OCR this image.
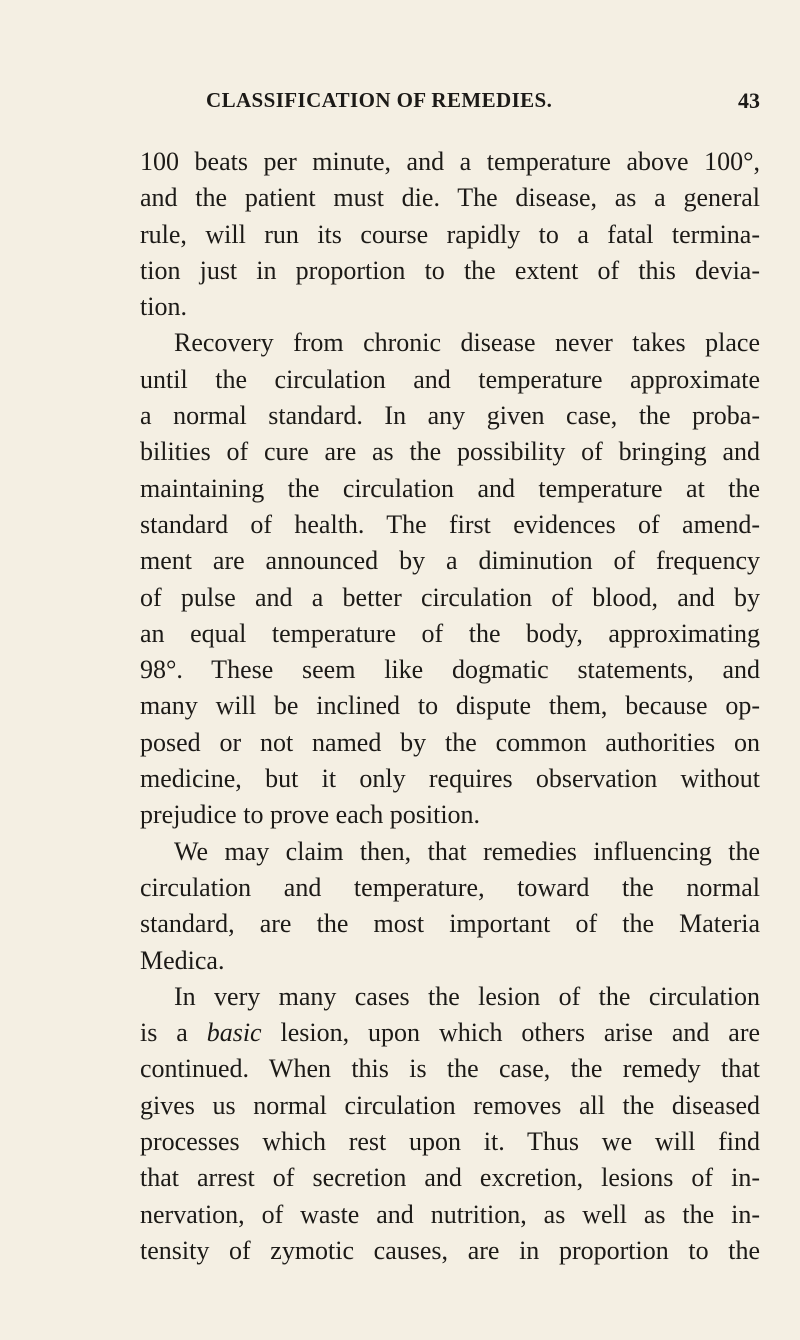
CLASSIFICATION OF REMEDIES.	43
100 beats per minute, and a temperature above 100°,
and the patient must die. The disease, as a general
rule, will run its course rapidly to a fatal termina-
tion just in proportion to the extent of this devia-
tion.
Recovery from chronic disease never takes place
until the circulation and temperature approximate
a normal standard. In any given case, the proba-
bilities of cure are as the possibility of bringing and
maintaining the circulation and temperature at the
standard of health. The first evidences of amend-
ment are announced by a diminution of frequency
of pulse and a better circulation of blood, and by
an equal temperature of the body, approximating
98°. These seem like dogmatic statements, and
many will be inclined to dispute them, because op-
posed or not named by the common authorities on
medicine, but it only requires observation without
prejudice to prove each position.
We may claim then, that remedies influencing the
circulation and temperature, toward the normal
standard, are the most important of the Materia
Medica.
In very many cases the lesion of the circulation
is a basic lesion, upon which others arise and are
continued. When this is the case, the remedy that
gives us normal circulation removes all the diseased
processes which rest upon it. Thus we will find
that arrest of secretion and excretion, lesions of in-
nervation, of waste and nutrition, as well as the in-
tensity of zymotic causes, are in proportion to the
